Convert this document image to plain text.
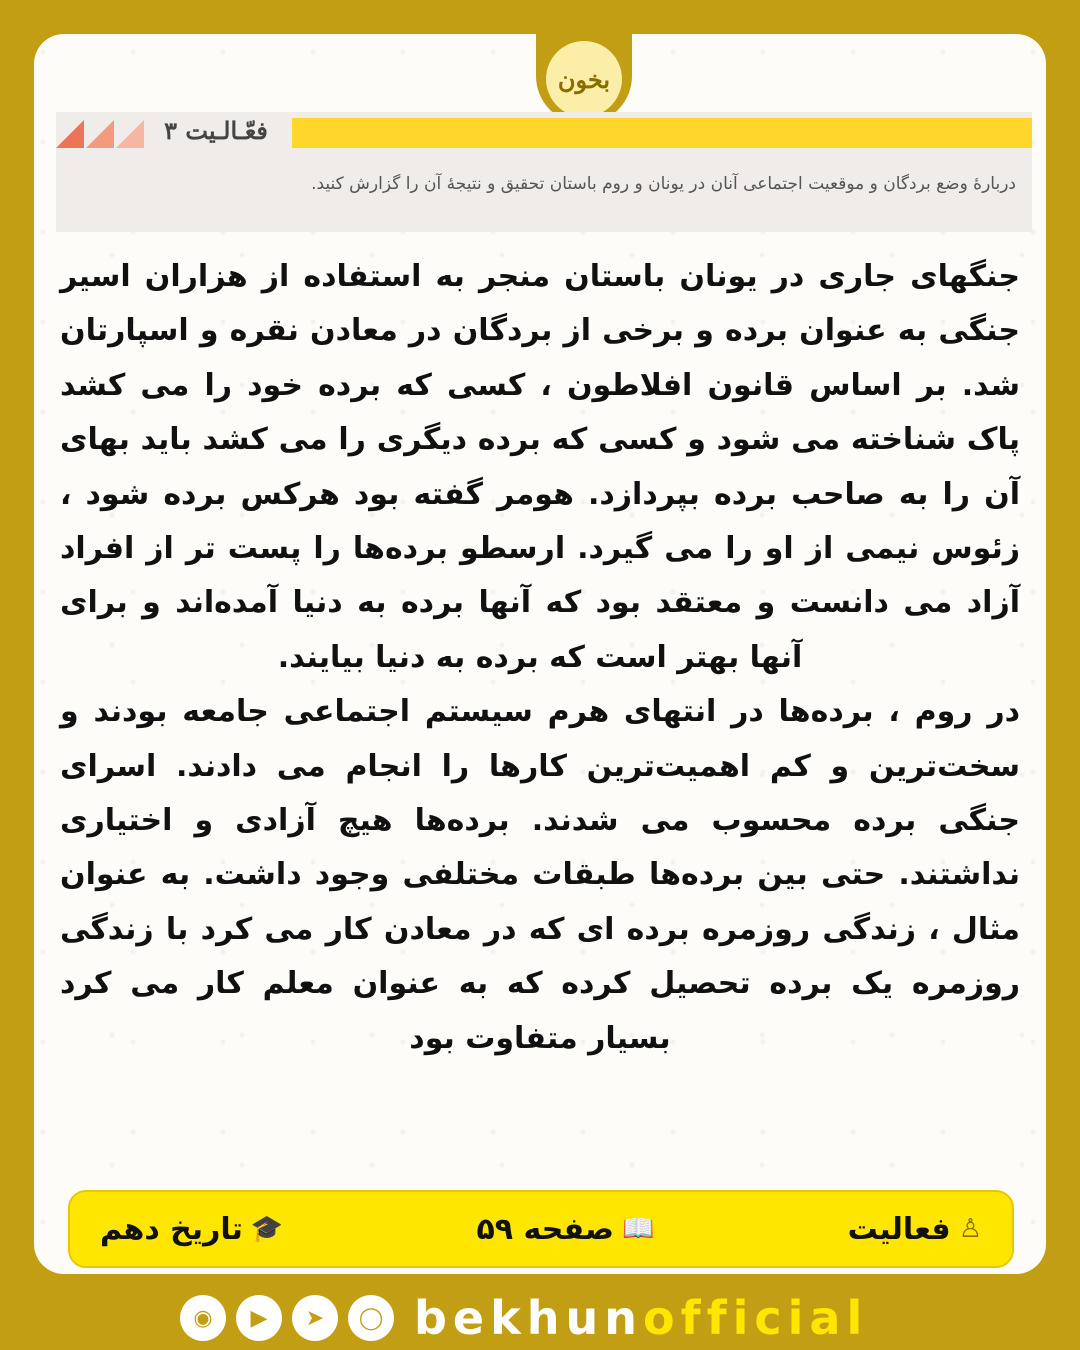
بخون
فعّـالـیت ۳
دربارۀ وضع بردگان و موقعیت اجتماعی آنان در یونان و روم باستان تحقیق و نتیجهٔ آن را گزارش کنید.

جنگهای جاری در یونان باستان منجر به استفاده از هزاران اسیر جنگی به عنوان برده و برخی از بردگان در معادن نقره و اسپارتان شد. بر اساس قانون افلاطون ، کسی که برده خود را می کشد پاک شناخته می شود و کسی که برده دیگری را می کشد باید بهای آن را به صاحب برده بپردازد. هومر گفته بود هرکس برده شود ، زئوس نیمی از او را می گیرد. ارسطو برده‌ها را پست تر از افراد آزاد می دانست و معتقد بود که آنها برده به دنیا آمده‌اند و برای آنها بهتر است که برده به دنیا بیایند.

در روم ، برده‌ها در انتهای هرم سیستم اجتماعی جامعه بودند و سخت‌ترین و کم اهمیت‌ترین کارها را انجام می دادند. اسرای جنگی برده محسوب می شدند. برده‌ها هیچ آزادی و اختیاری نداشتند. حتی بین برده‌ها طبقات مختلفی وجود داشت. به عنوان مثال ، زندگی روزمره برده ای که در معادن کار می کرد با زندگی روزمره یک برده تحصیل کرده که به عنوان معلم کار می کرد بسیار متفاوت بود

♙
فعالیت
📖
صفحه ۵۹
🎓
تاریخ دهم
◉	▶	➤	◯ bekhun official
